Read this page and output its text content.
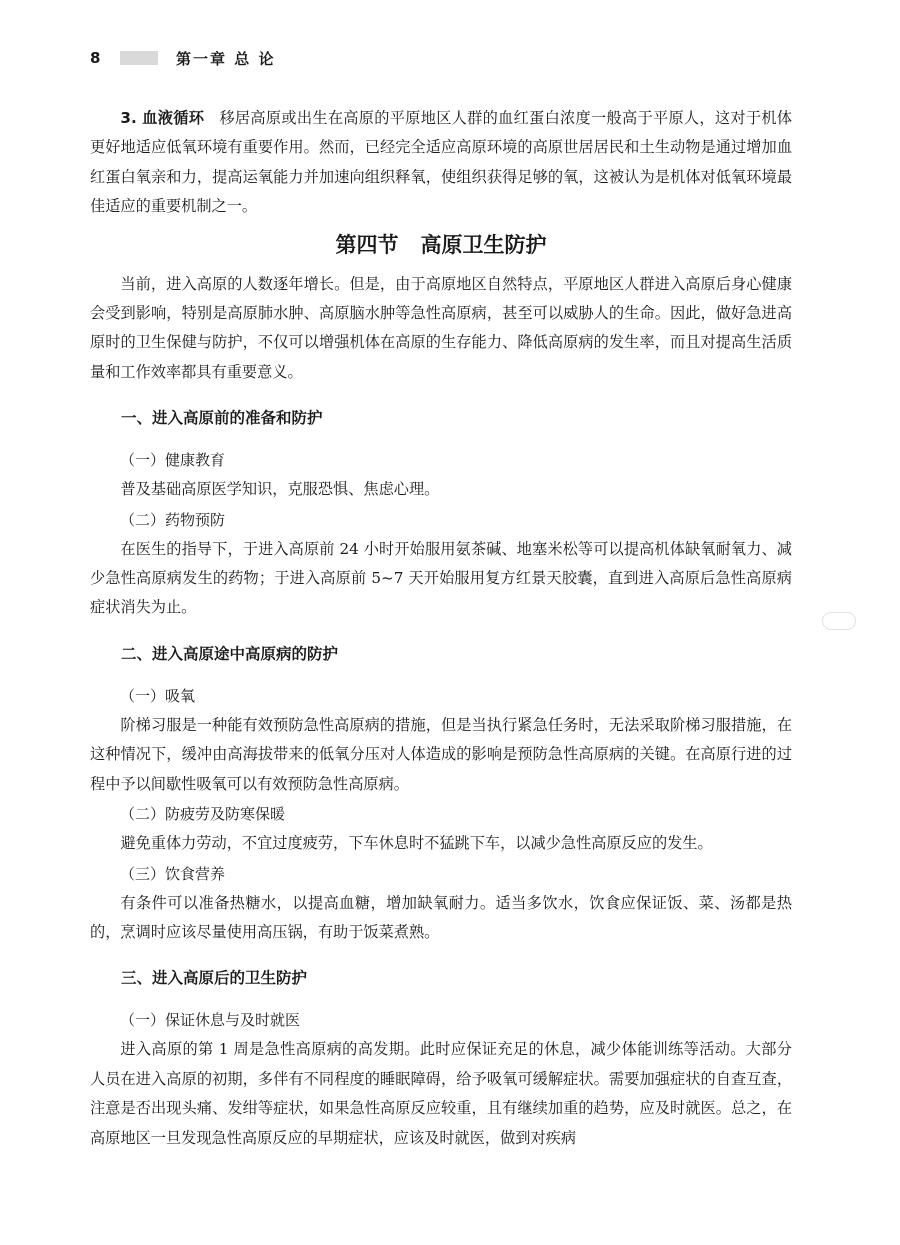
8	第一章 总 论

3. 血液循环 移居高原或出生在高原的平原地区人群的血红蛋白浓度一般高于平原人，这对于机体更好地适应低氧环境有重要作用。然而，已经完全适应高原环境的高原世居居民和土生动物是通过增加血红蛋白氧亲和力，提高运氧能力并加速向组织释氧，使组织获得足够的氧，这被认为是机体对低氧环境最佳适应的重要机制之一。

第四节 高原卫生防护

当前，进入高原的人数逐年增长。但是，由于高原地区自然特点，平原地区人群进入高原后身心健康会受到影响，特别是高原肺水肿、高原脑水肿等急性高原病，甚至可以威胁人的生命。因此，做好急进高原时的卫生保健与防护，不仅可以增强机体在高原的生存能力、降低高原病的发生率，而且对提高生活质量和工作效率都具有重要意义。

一、进入高原前的准备和防护
（一）健康教育

普及基础高原医学知识，克服恐惧、焦虑心理。

（二）药物预防

在医生的指导下，于进入高原前 24 小时开始服用氨茶碱、地塞米松等可以提高机体缺氧耐氧力、减少急性高原病发生的药物；于进入高原前 5~7 天开始服用复方红景天胶囊，直到进入高原后急性高原病症状消失为止。

二、进入高原途中高原病的防护
（一）吸氧

阶梯习服是一种能有效预防急性高原病的措施，但是当执行紧急任务时，无法采取阶梯习服措施，在这种情况下，缓冲由高海拔带来的低氧分压对人体造成的影响是预防急性高原病的关键。在高原行进的过程中予以间歇性吸氧可以有效预防急性高原病。

（二）防疲劳及防寒保暖

避免重体力劳动，不宜过度疲劳，下车休息时不猛跳下车，以减少急性高原反应的发生。

（三）饮食营养

有条件可以准备热糖水，以提高血糖，增加缺氧耐力。适当多饮水，饮食应保证饭、菜、汤都是热的，烹调时应该尽量使用高压锅，有助于饭菜煮熟。

三、进入高原后的卫生防护
（一）保证休息与及时就医

进入高原的第 1 周是急性高原病的高发期。此时应保证充足的休息，减少体能训练等活动。大部分人员在进入高原的初期，多伴有不同程度的睡眠障碍，给予吸氧可缓解症状。需要加强症状的自查互查，注意是否出现头痛、发绀等症状，如果急性高原反应较重，且有继续加重的趋势，应及时就医。总之，在高原地区一旦发现急性高原反应的早期症状，应该及时就医，做到对疾病
